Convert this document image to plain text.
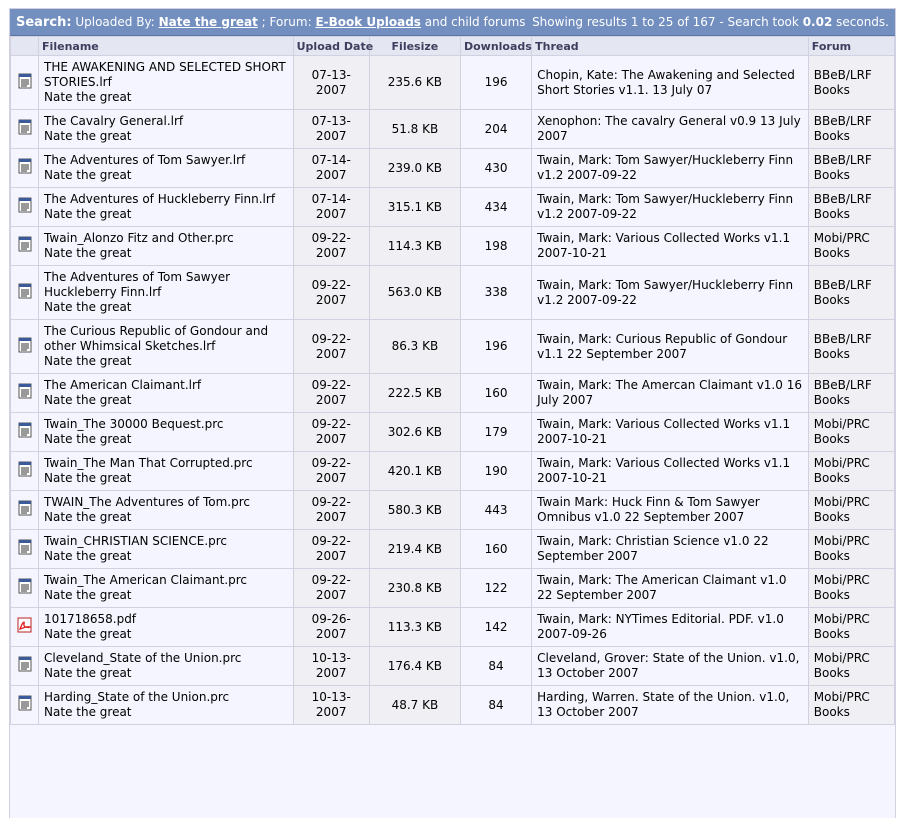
Search: Uploaded By: Nate the great ; Forum: E-Book Uploads and child forums Showing results 1 to 25 of 167 - Search took 0.02 seconds.
	Filename	Upload Date	Filesize	Downloads	Thread	Forum

THE AWAKENING AND SELECTED SHORT STORIES.lrf
Nate the great	07-13-2007	235.6 KB	196	Chopin, Kate: The Awakening and Selected Short Stories v1.1. 13 July 07	BBeB/LRF Books

The Cavalry General.lrf
Nate the great	07-13-2007	51.8 KB	204	Xenophon: The cavalry General v0.9 13 July 2007	BBeB/LRF Books

The Adventures of Tom Sawyer.lrf
Nate the great	07-14-2007	239.0 KB	430	Twain, Mark: Tom Sawyer/Huckleberry Finn v1.2 2007-09-22	BBeB/LRF Books

The Adventures of Huckleberry Finn.lrf
Nate the great	07-14-2007	315.1 KB	434	Twain, Mark: Tom Sawyer/Huckleberry Finn v1.2 2007-09-22	BBeB/LRF Books

Twain_Alonzo Fitz and Other.prc
Nate the great	09-22-2007	114.3 KB	198	Twain, Mark: Various Collected Works v1.1 2007-10-21	Mobi/PRC Books

The Adventures of Tom Sawyer Huckleberry Finn.lrf
Nate the great	09-22-2007	563.0 KB	338	Twain, Mark: Tom Sawyer/Huckleberry Finn v1.2 2007-09-22	BBeB/LRF Books

The Curious Republic of Gondour and other Whimsical Sketches.lrf
Nate the great	09-22-2007	86.3 KB	196	Twain, Mark: Curious Republic of Gondour v1.1 22 September 2007	BBeB/LRF Books

The American Claimant.lrf
Nate the great	09-22-2007	222.5 KB	160	Twain, Mark: The Amercan Claimant v1.0 16 July 2007	BBeB/LRF Books

Twain_The 30000 Bequest.prc
Nate the great	09-22-2007	302.6 KB	179	Twain, Mark: Various Collected Works v1.1 2007-10-21	Mobi/PRC Books

Twain_The Man That Corrupted.prc
Nate the great	09-22-2007	420.1 KB	190	Twain, Mark: Various Collected Works v1.1 2007-10-21	Mobi/PRC Books

TWAIN_The Adventures of Tom.prc
Nate the great	09-22-2007	580.3 KB	443	Twain Mark: Huck Finn & Tom Sawyer Omnibus v1.0 22 September 2007	Mobi/PRC Books

Twain_CHRISTIAN SCIENCE.prc
Nate the great	09-22-2007	219.4 KB	160	Twain, Mark: Christian Science v1.0 22 September 2007	Mobi/PRC Books

Twain_The American Claimant.prc
Nate the great	09-22-2007	230.8 KB	122	Twain, Mark: The American Claimant v1.0 22 September 2007	Mobi/PRC Books

101718658.pdf
Nate the great	09-26-2007	113.3 KB	142	Twain, Mark: NYTimes Editorial. PDF. v1.0 2007-09-26	Mobi/PRC Books

Cleveland_State of the Union.prc
Nate the great	10-13-2007	176.4 KB	84	Cleveland, Grover: State of the Union. v1.0, 13 October 2007	Mobi/PRC Books

Harding_State of the Union.prc
Nate the great	10-13-2007	48.7 KB	84	Harding, Warren. State of the Union. v1.0, 13 October 2007	Mobi/PRC Books
